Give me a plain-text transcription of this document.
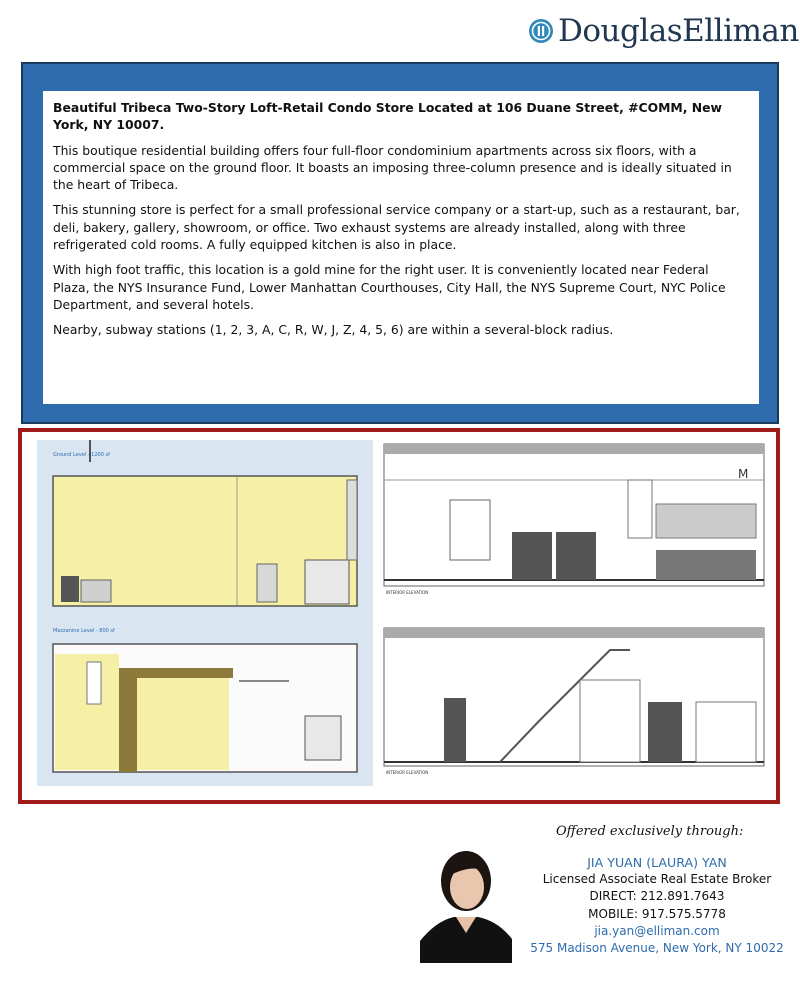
DouglasElliman

Beautiful Tribeca Two-Story Loft-Retail Condo Store Located at 106 Duane Street, #COMM, New York, NY 10007.

This boutique residential building offers four full-floor condominium apartments across six floors, with a commercial space on the ground floor. It boasts an imposing three-column presence and is ideally situated in the heart of Tribeca.

This stunning store is perfect for a small professional service company or a start-up, such as a restaurant, bar, deli, bakery, gallery, showroom, or office. Two exhaust systems are already installed, along with three refrigerated cold rooms. A fully equipped kitchen is also in place.

With high foot traffic, this location is a gold mine for the right user. It is conveniently located near Federal Plaza, the NYS Insurance Fund, Lower Manhattan Courthouses, City Hall, the NYS Supreme Court, NYC Police Department, and several hotels.

Nearby, subway stations (1, 2, 3, A, C, R, W, J, Z, 4, 5, 6) are within a several-block radius.

Ground Level - 1200 sf
Mezzanine Level - 800 sf
M
INTERIOR ELEVATION
INTERIOR ELEVATION
Offered exclusively through:
JIA YUAN (LAURA) YAN
Licensed Associate Real Estate Broker
DIRECT: 212.891.7643
MOBILE: 917.575.5778
jia.yan@elliman.com
575 Madison Avenue, New York, NY 10022
